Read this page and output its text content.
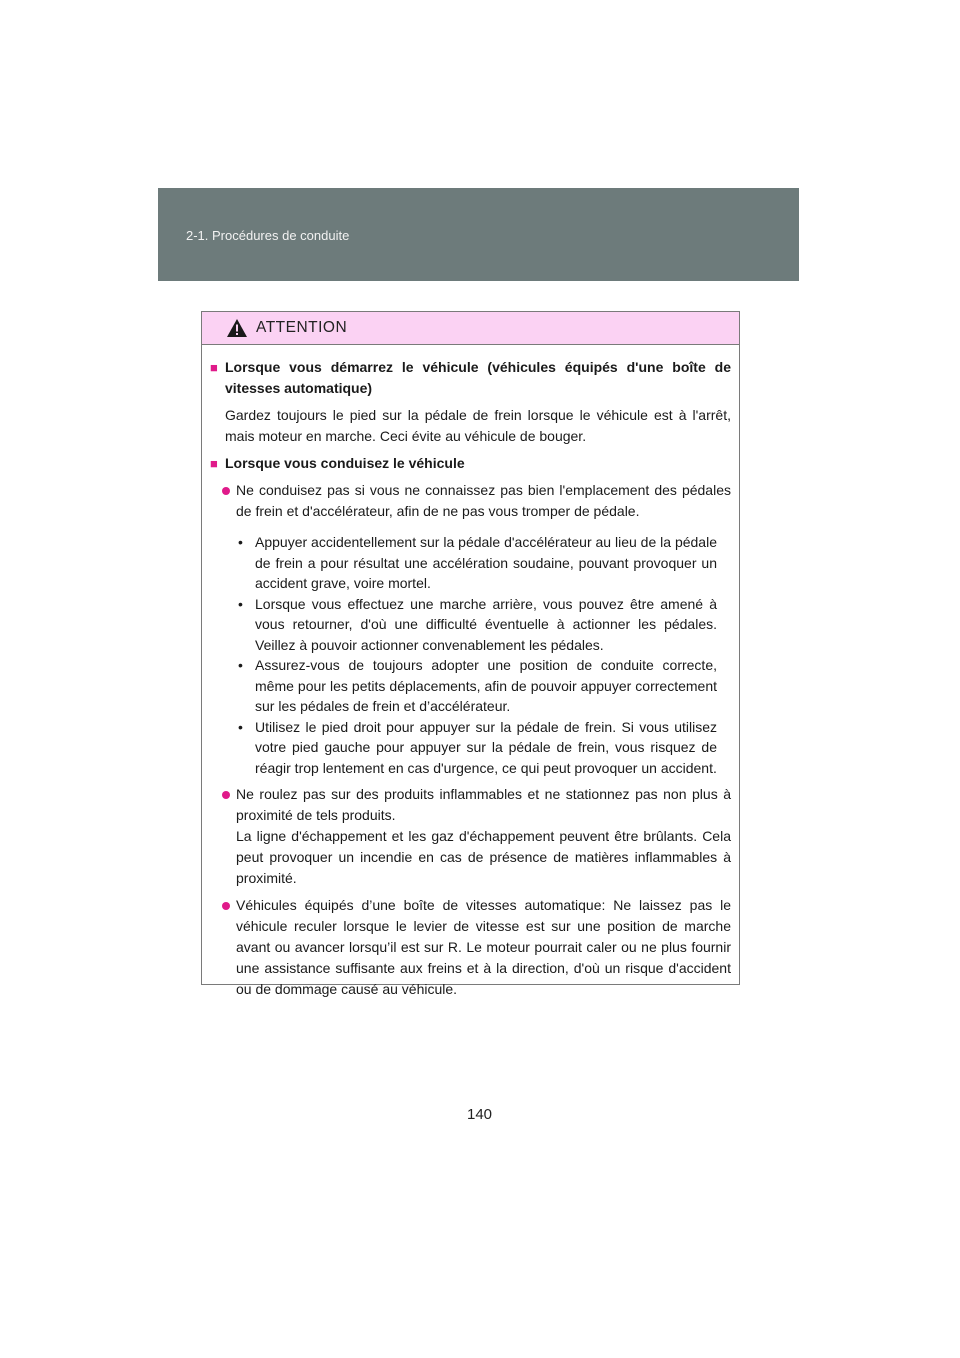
2-1. Procédures de conduite
ATTENTION
■ Lorsque vous démarrez le véhicule (véhicules équipés d'une boîte de vitesses automatique)
Gardez toujours le pied sur la pédale de frein lorsque le véhicule est à l'arrêt, mais moteur en marche. Ceci évite au véhicule de bouger.
■ Lorsque vous conduisez le véhicule
Ne conduisez pas si vous ne connaissez pas bien l'emplacement des pédales de frein et d'accélérateur, afin de ne pas vous tromper de pédale.
• Appuyer accidentellement sur la pédale d'accélérateur au lieu de la pédale de frein a pour résultat une accélération soudaine, pouvant provoquer un accident grave, voire mortel.
• Lorsque vous effectuez une marche arrière, vous pouvez être amené à vous retourner, d'où une difficulté éventuelle à actionner les pédales. Veillez à pouvoir actionner convenablement les pédales.
• Assurez-vous de toujours adopter une position de conduite correcte, même pour les petits déplacements, afin de pouvoir appuyer correctement sur les pédales de frein et d’accélérateur.
• Utilisez le pied droit pour appuyer sur la pédale de frein. Si vous utilisez votre pied gauche pour appuyer sur la pédale de frein, vous risquez de réagir trop lentement en cas d'urgence, ce qui peut provoquer un accident.
Ne roulez pas sur des produits inflammables et ne stationnez pas non plus à proximité de tels produits.
La ligne d'échappement et les gaz d'échappement peuvent être brûlants. Cela peut provoquer un incendie en cas de présence de matières inflammables à proximité.
Véhicules équipés d’une boîte de vitesses automatique: Ne laissez pas le véhicule reculer lorsque le levier de vitesse est sur une position de marche avant ou avancer lorsqu’il est sur R. Le moteur pourrait caler ou ne plus fournir une assistance suffisante aux freins et à la direction, d'où un risque d'accident ou de dommage causé au véhicule.
140
